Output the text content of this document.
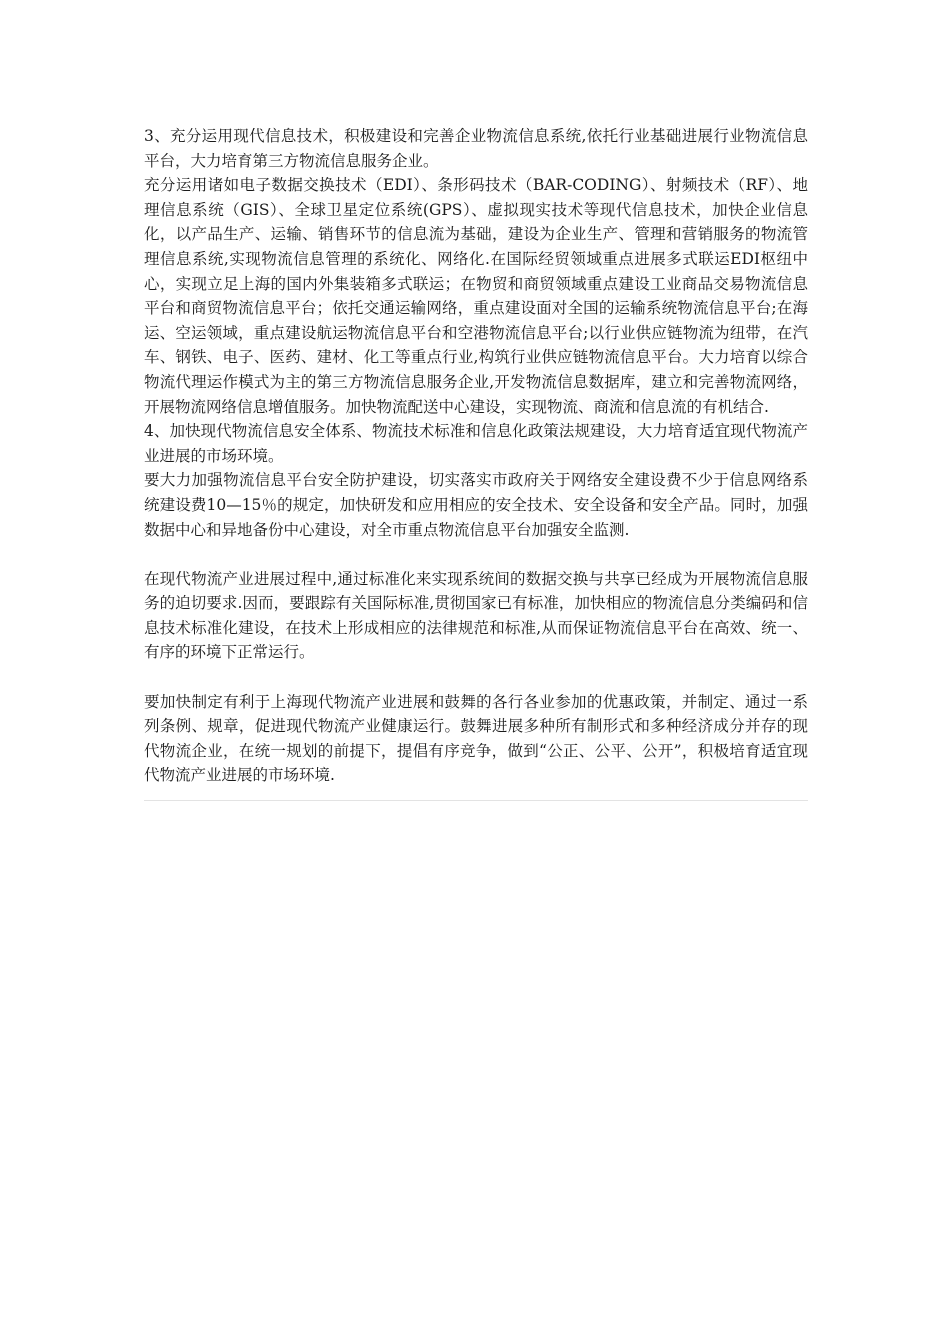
3、充分运用现代信息技术，积极建设和完善企业物流信息系统,依托行业基础进展行业物流信息平台，大力培育第三方物流信息服务企业。

充分运用诸如电子数据交换技术（EDI）、条形码技术（BAR-CODING）、射频技术（RF）、地理信息系统（GIS）、全球卫星定位系统(GPS）、虚拟现实技术等现代信息技术，加快企业信息化，以产品生产、运输、销售环节的信息流为基础，建设为企业生产、管理和营销服务的物流管理信息系统,实现物流信息管理的系统化、网络化.在国际经贸领域重点进展多式联运EDI枢纽中心，实现立足上海的国内外集装箱多式联运；在物贸和商贸领域重点建设工业商品交易物流信息平台和商贸物流信息平台；依托交通运输网络，重点建设面对全国的运输系统物流信息平台;在海运、空运领域，重点建设航运物流信息平台和空港物流信息平台;以行业供应链物流为纽带，在汽车、钢铁、电子、医药、建材、化工等重点行业,构筑行业供应链物流信息平台。大力培育以综合物流代理运作模式为主的第三方物流信息服务企业,开发物流信息数据库，建立和完善物流网络，开展物流网络信息增值服务。加快物流配送中心建设，实现物流、商流和信息流的有机结合.

4、加快现代物流信息安全体系、物流技术标准和信息化政策法规建设，大力培育适宜现代物流产业进展的市场环境。

要大力加强物流信息平台安全防护建设，切实落实市政府关于网络安全建设费不少于信息网络系统建设费10—15％的规定，加快研发和应用相应的安全技术、安全设备和安全产品。同时，加强数据中心和异地备份中心建设，对全市重点物流信息平台加强安全监测.

在现代物流产业进展过程中,通过标准化来实现系统间的数据交换与共享已经成为开展物流信息服务的迫切要求.因而，要跟踪有关国际标准,贯彻国家已有标准，加快相应的物流信息分类编码和信息技术标准化建设，在技术上形成相应的法律规范和标准,从而保证物流信息平台在高效、统一、有序的环境下正常运行。

要加快制定有利于上海现代物流产业进展和鼓舞的各行各业参加的优惠政策，并制定、通过一系列条例、规章，促进现代物流产业健康运行。鼓舞进展多种所有制形式和多种经济成分并存的现代物流企业，在统一规划的前提下，提倡有序竞争，做到“公正、公平、公开”，积极培育适宜现代物流产业进展的市场环境.
